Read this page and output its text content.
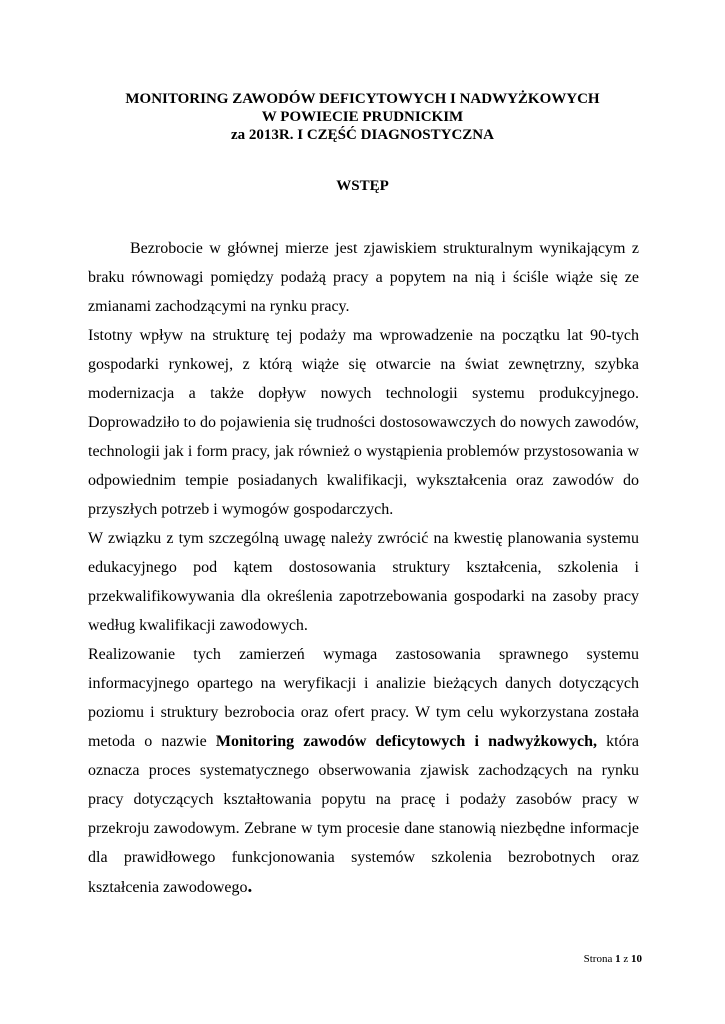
MONITORING ZAWODÓW DEFICYTOWYCH I NADWYŻKOWYCH
W POWIECIE PRUDNICKIM
za 2013R. I CZĘŚĆ DIAGNOSTYCZNA
WSTĘP

Bezrobocie w głównej mierze jest zjawiskiem strukturalnym wynikającym z braku równowagi pomiędzy podażą pracy a popytem na nią i ściśle wiąże się ze zmianami zachodzącymi na rynku pracy.

Istotny wpływ na strukturę tej podaży ma wprowadzenie na początku lat 90-tych gospodarki rynkowej, z którą wiąże się otwarcie na świat zewnętrzny, szybka modernizacja a także dopływ nowych technologii systemu produkcyjnego. Doprowadziło to do pojawienia się trudności dostosowawczych do nowych zawodów, technologii jak i form pracy, jak również o wystąpienia problemów przystosowania w odpowiednim tempie posiadanych kwalifikacji, wykształcenia oraz zawodów do przyszłych potrzeb i wymogów gospodarczych.

W związku z tym szczególną uwagę należy zwrócić na kwestię planowania systemu edukacyjnego pod kątem dostosowania struktury kształcenia, szkolenia i przekwalifikowywania dla określenia zapotrzebowania gospodarki na zasoby pracy według kwalifikacji zawodowych.

Realizowanie tych zamierzeń wymaga zastosowania sprawnego systemu informacyjnego opartego na weryfikacji i analizie bieżących danych dotyczących poziomu i struktury bezrobocia oraz ofert pracy. W tym celu wykorzystana została metoda o nazwie Monitoring zawodów deficytowych i nadwyżkowych, która oznacza proces systematycznego obserwowania zjawisk zachodzących na rynku pracy dotyczących kształtowania popytu na pracę i podaży zasobów pracy w przekroju zawodowym. Zebrane w tym procesie dane stanowią niezbędne informacje dla prawidłowego funkcjonowania systemów szkolenia bezrobotnych oraz kształcenia zawodowego.

Strona 1 z 10
